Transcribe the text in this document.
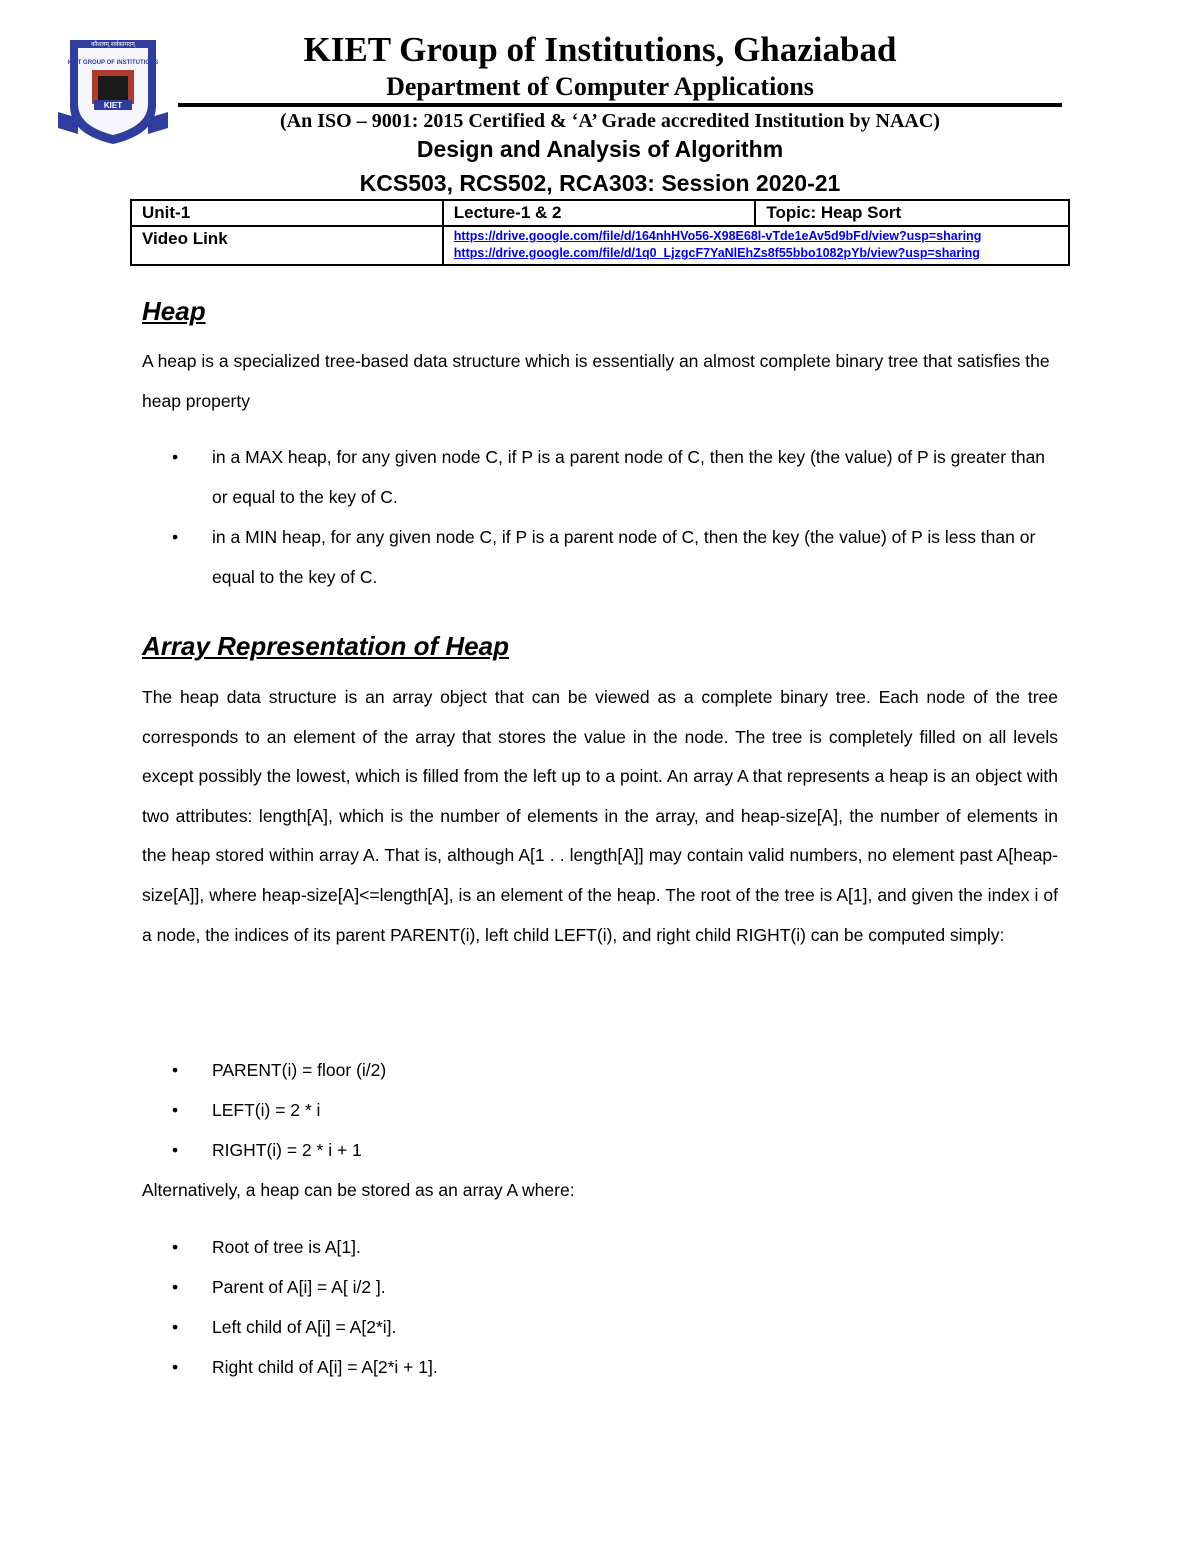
KIET
कौशलम् सर्वकामदम्
KIET GROUP OF INSTITUTIONS	KIET Group of Institutions, Ghaziabad
Department of Computer Applications
(An ISO – 9001: 2015 Certified & ‘A’ Grade accredited Institution by NAAC)
Design and Analysis of Algorithm
KCS503, RCS502, RCA303: Session 2020-21
Unit-1	Lecture-1 & 2	Topic: Heap Sort
Video Link	https://drive.google.com/file/d/164nhHVo56-X98E68l-vTde1eAv5d9bFd/view?usp=sharing
https://drive.google.com/file/d/1q0_LjzgcF7YaNlEhZs8f55bbo1082pYb/view?usp=sharing	
Heap
A heap is a specialized tree-based data structure which is essentially an almost complete binary tree that satisfies the heap property
• in a MAX heap, for any given node C, if P is a parent node of C, then the key (the value) of P is greater than or equal to the key of C.
• in a MIN heap, for any given node C, if P is a parent node of C, then the key (the value) of P is less than or equal to the key of C.
Array Representation of Heap
The heap data structure is an array object that can be viewed as a complete binary tree. Each node of the tree corresponds to an element of the array that stores the value in the node. The tree is completely filled on all levels except possibly the lowest, which is filled from the left up to a point. An array A that represents a heap is an object with two attributes: length[A], which is the number of elements in the array, and heap-size[A], the number of elements in the heap stored within array A. That is, although A[1 . . length[A]] may contain valid numbers, no element past A[heap-size[A]], where heap-size[A]<=length[A], is an element of the heap. The root of the tree is A[1], and given the index i of a node, the indices of its parent PARENT(i), left child LEFT(i), and right child RIGHT(i) can be computed simply:
• PARENT(i) = floor (i/2)
• LEFT(i) = 2 * i
• RIGHT(i) = 2 * i + 1
Alternatively, a heap can be stored as an array A where:
• Root of tree is A[1].
• Parent of A[i] = A[ i/2 ].
• Left child of A[i] = A[2*i].
• Right child of A[i] = A[2*i + 1].
